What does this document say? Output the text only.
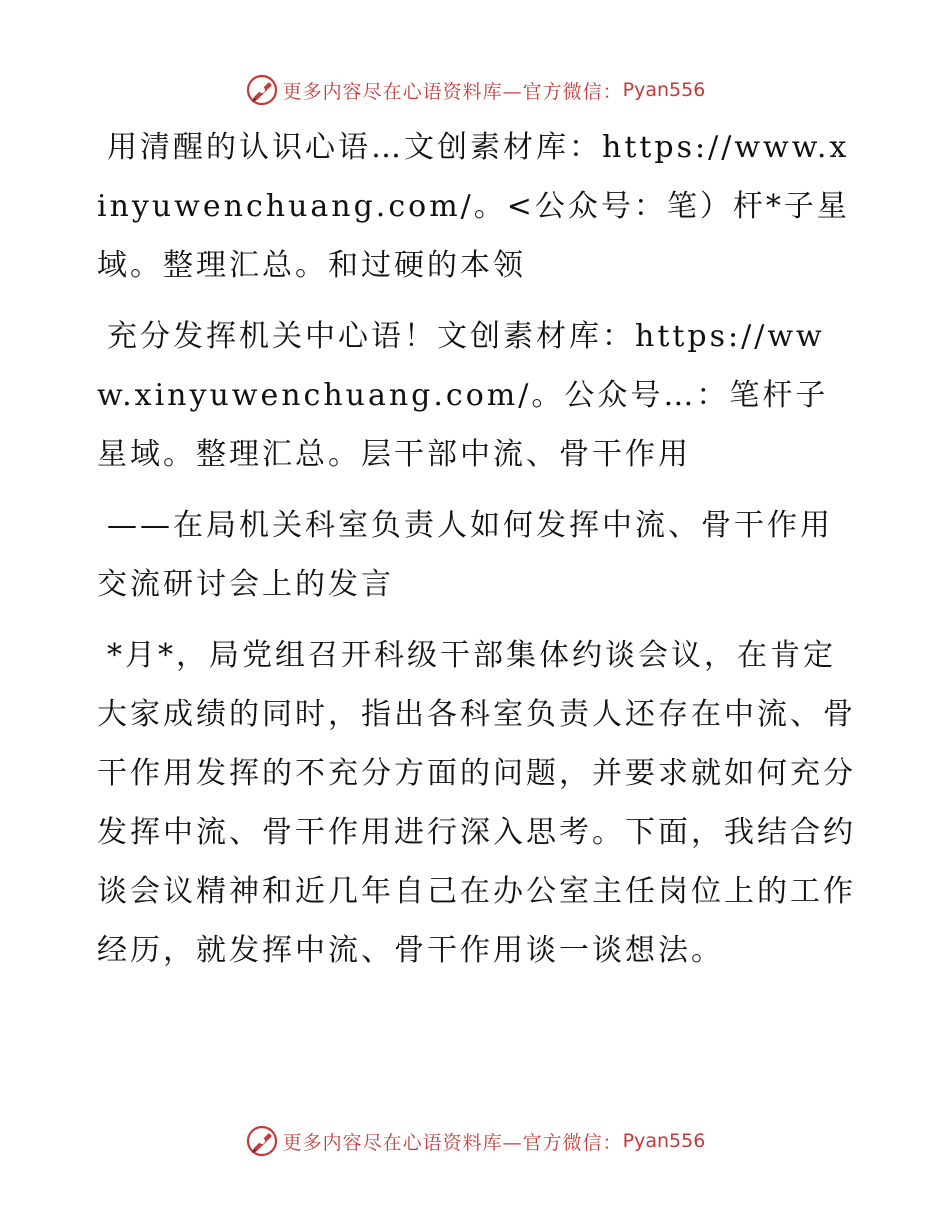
更多内容尽在心语资料库—官方微信： Pyan556

用清醒的认识心语…文创素材库：https://www.xinyuwenchuang.com/。<公众号：笔）杆*子星域。整理汇总。和过硬的本领

充分发挥机关中心语！文创素材库：https://www.xinyuwenchuang.com/。公众号…：笔杆子星域。整理汇总。层干部中流、骨干作用

——在局机关科室负责人如何发挥中流、骨干作用交流研讨会上的发言

*月*，局党组召开科级干部集体约谈会议，在肯定大家成绩的同时，指出各科室负责人还存在中流、骨干作用发挥的不充分方面的问题，并要求就如何充分发挥中流、骨干作用进行深入思考。下面，我结合约谈会议精神和近几年自己在办公室主任岗位上的工作经历，就发挥中流、骨干作用谈一谈想法。

更多内容尽在心语资料库—官方微信： Pyan556
